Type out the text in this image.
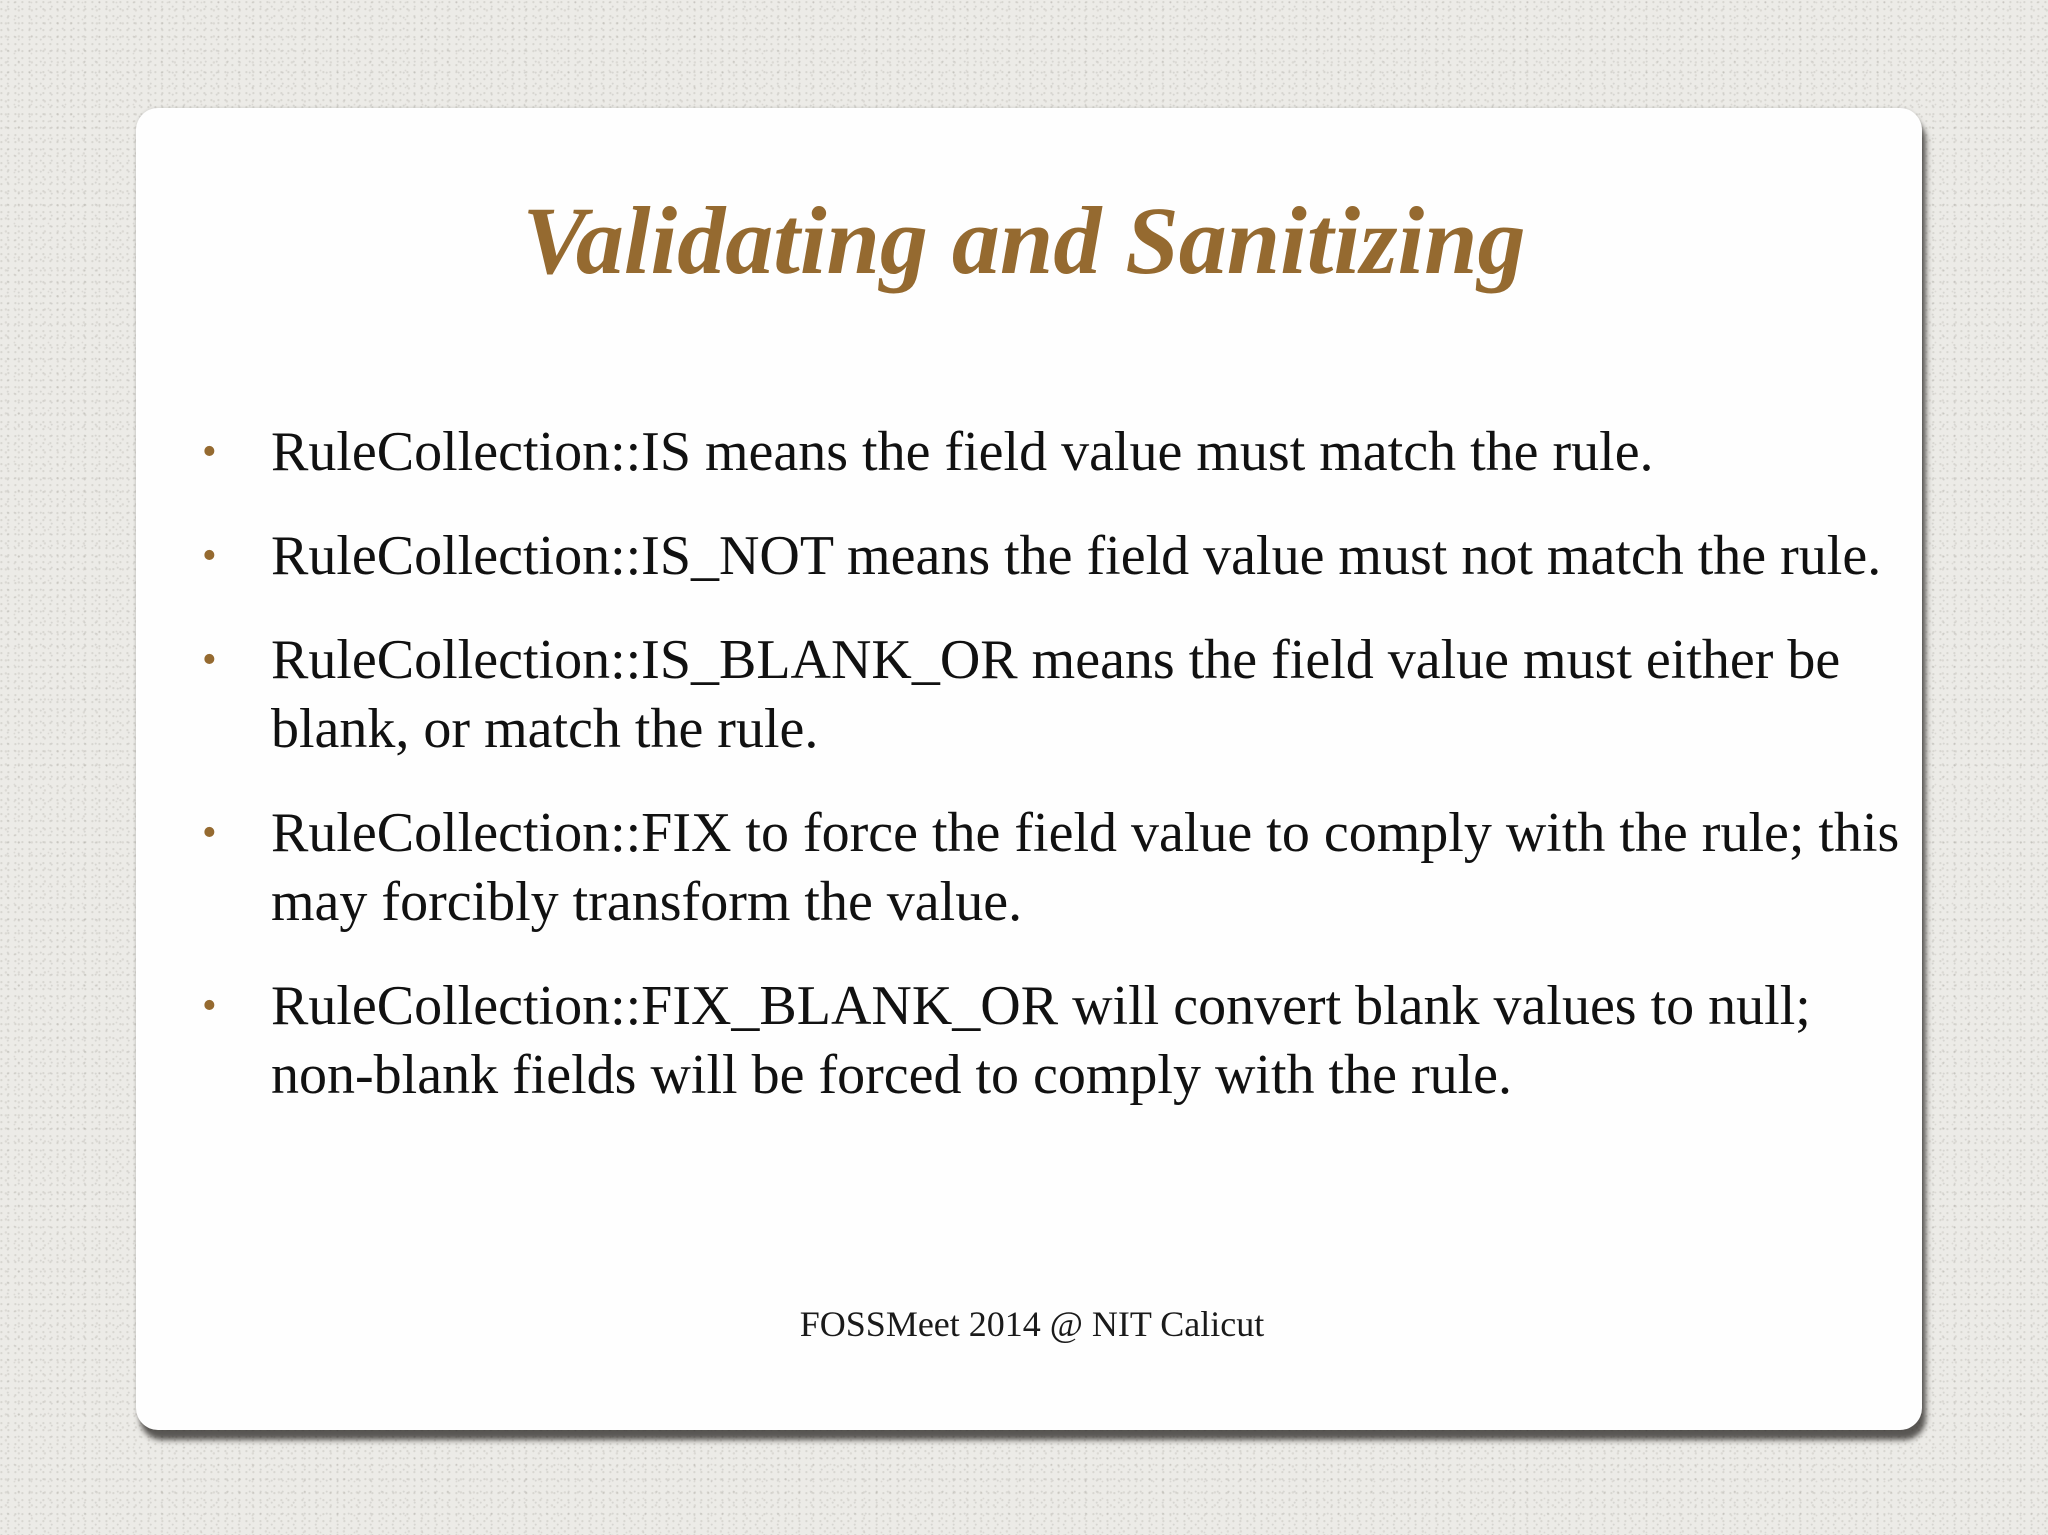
Validating and Sanitizing
• RuleCollection::IS means the field value must match the rule.
• RuleCollection::IS_NOT means the field value must not match the rule.
• RuleCollection::IS_BLANK_OR means the field value must either be blank, or match the rule.
• RuleCollection::FIX to force the field value to comply with the rule; this may forcibly transform the value.
• RuleCollection::FIX_BLANK_OR will convert blank values to null; non-blank fields will be forced to comply with the rule.
FOSSMeet 2014 @ NIT Calicut
